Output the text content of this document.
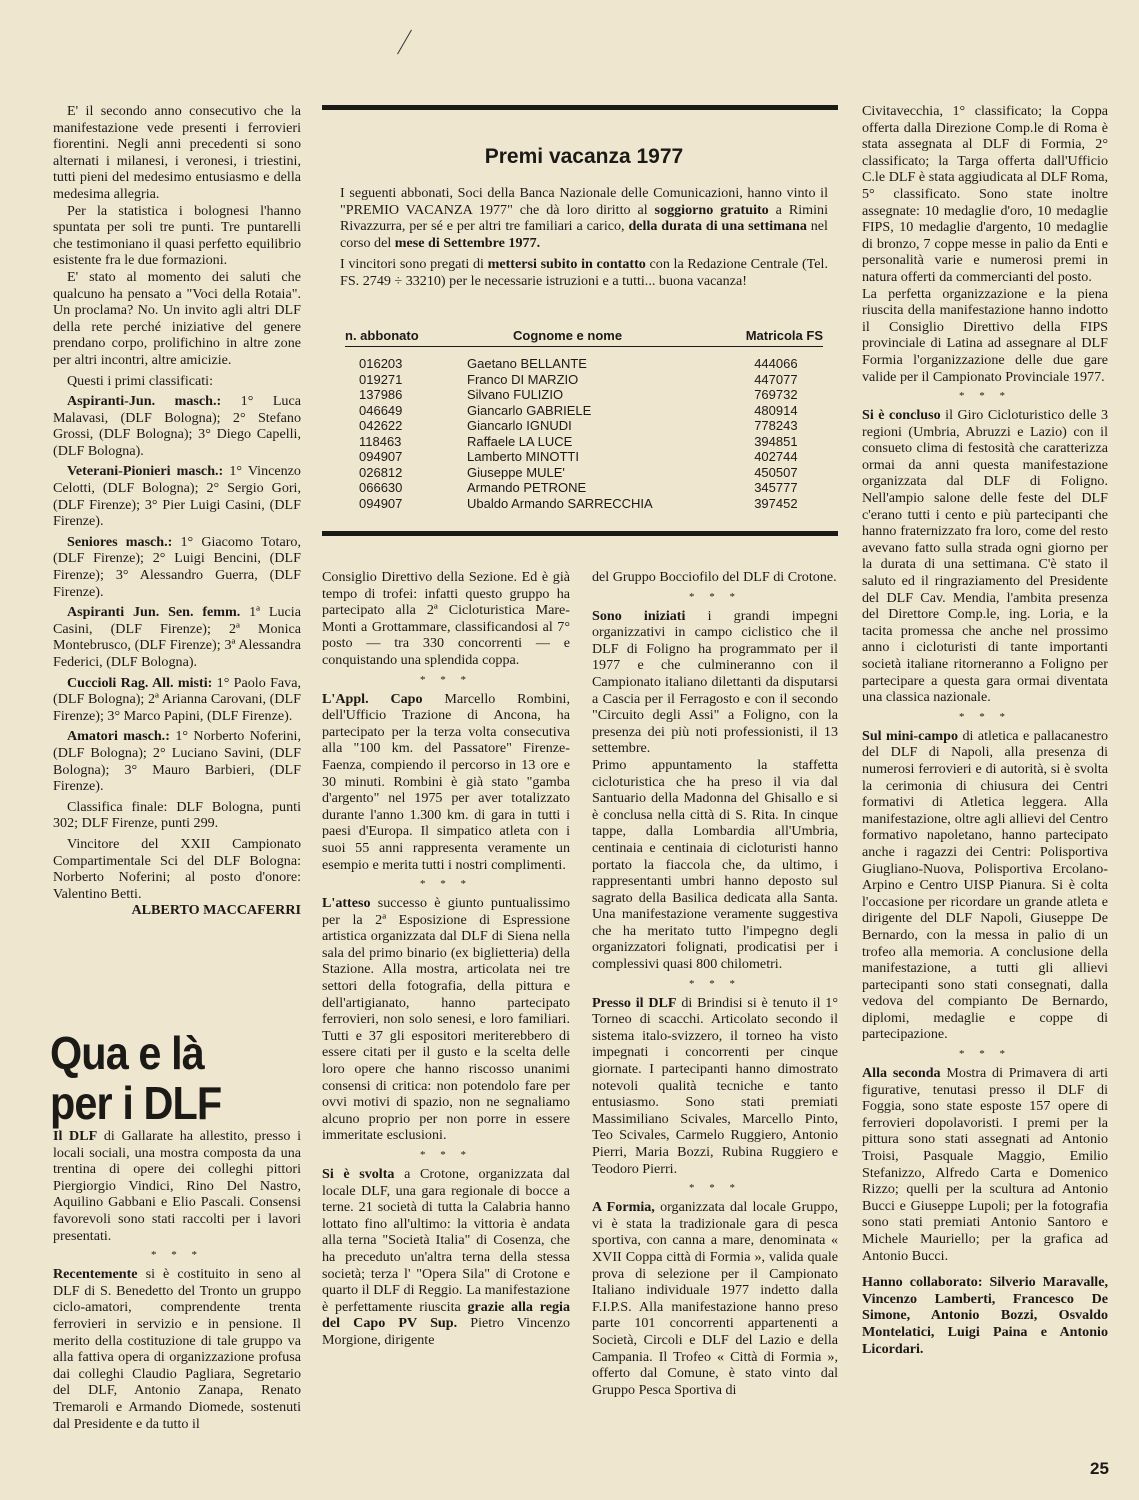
E' il secondo anno consecutivo che la manifestazione vede presenti i ferrovieri fiorentini. Negli anni precedenti si sono alternati i milanesi, i veronesi, i triestini, tutti pieni del medesimo entusiasmo e della medesima allegria.

Per la statistica i bolognesi l'hanno spuntata per soli tre punti. Tre puntarelli che testimoniano il quasi perfetto equilibrio esistente fra le due formazioni.

E' stato al momento dei saluti che qualcuno ha pensato a "Voci della Rotaia". Un proclama? No. Un invito agli altri DLF della rete perché iniziative del genere prendano corpo, prolifichino in altre zone per altri incontri, altre amicizie.

Questi i primi classificati:

Aspiranti-Jun. masch.: 1° Luca Malavasi, (DLF Bologna); 2° Stefano Grossi, (DLF Bologna); 3° Diego Capelli, (DLF Bologna).

Veterani-Pionieri masch.: 1° Vincenzo Celotti, (DLF Bologna); 2° Sergio Gori, (DLF Firenze); 3° Pier Luigi Casini, (DLF Firenze).

Seniores masch.: 1° Giacomo Totaro, (DLF Firenze); 2° Luigi Bencini, (DLF Firenze); 3° Alessandro Guerra, (DLF Firenze).

Aspiranti Jun. Sen. femm. 1ª Lucia Casini, (DLF Firenze); 2ª Monica Montebrusco, (DLF Firenze); 3ª Alessandra Federici, (DLF Bologna).

Cuccioli Rag. All. misti: 1° Paolo Fava, (DLF Bologna); 2ª Arianna Carovani, (DLF Firenze); 3° Marco Papini, (DLF Firenze).

Amatori masch.: 1° Norberto Noferini, (DLF Bologna); 2° Luciano Savini, (DLF Bologna); 3° Mauro Barbieri, (DLF Firenze).

Classifica finale: DLF Bologna, punti 302; DLF Firenze, punti 299.

Vincitore del XXII Campionato Compartimentale Sci del DLF Bologna: Norberto Noferini; al posto d'onore: Valentino Betti.

ALBERTO MACCAFERRI

Qua e là
per i DLF

Il DLF di Gallarate ha allestito, presso i locali sociali, una mostra composta da una trentina di opere dei colleghi pittori Piergiorgio Vindici, Rino Del Nastro, Aquilino Gabbani e Elio Pascali. Consensi favorevoli sono stati raccolti per i lavori presentati.

* * *

Recentemente si è costituito in seno al DLF di S. Benedetto del Tronto un gruppo ciclo-amatori, comprendente trenta ferrovieri in servizio e in pensione. Il merito della costituzione di tale gruppo va alla fattiva opera di organizzazione profusa dai colleghi Claudio Pagliara, Segretario del DLF, Antonio Zanapa, Renato Tremaroli e Armando Diomede, sostenuti dal Presidente e da tutto il

Premi vacanza 1977

I seguenti abbonati, Soci della Banca Nazionale delle Comunicazioni, hanno vinto il "PREMIO VACANZA 1977" che dà loro diritto al soggiorno gratuito a Rimini Rivazzurra, per sé e per altri tre familiari a carico, della durata di una settimana nel corso del mese di Settembre 1977.

I vincitori sono pregati di mettersi subito in contatto con la Redazione Centrale (Tel. FS. 2749 ÷ 33210) per le necessarie istruzioni e a tutti... buona vacanza!

n. abbonato	Cognome e nome	Matricola FS
016203	Gaetano BELLANTE	444066
019271	Franco DI MARZIO	447077
137986	Silvano FULIZIO	769732
046649	Giancarlo GABRIELE	480914
042622	Giancarlo IGNUDI	778243
118463	Raffaele LA LUCE	394851
094907	Lamberto MINOTTI	402744
026812	Giuseppe MULE'	450507
066630	Armando PETRONE	345777
094907	Ubaldo Armando SARRECCHIA	397452

Consiglio Direttivo della Sezione. Ed è già tempo di trofei: infatti questo gruppo ha partecipato alla 2ª Cicloturistica Mare-Monti a Grottammare, classificandosi al 7° posto — tra 330 concorrenti — e conquistando una splendida coppa.

* * *

L'Appl. Capo Marcello Rombini, dell'Ufficio Trazione di Ancona, ha partecipato per la terza volta consecutiva alla "100 km. del Passatore" Firenze-Faenza, compiendo il percorso in 13 ore e 30 minuti. Rombini è già stato "gamba d'argento" nel 1975 per aver totalizzato durante l'anno 1.300 km. di gara in tutti i paesi d'Europa. Il simpatico atleta con i suoi 55 anni rappresenta veramente un esempio e merita tutti i nostri complimenti.

* * *

L'atteso successo è giunto puntualissimo per la 2ª Esposizione di Espressione artistica organizzata dal DLF di Siena nella sala del primo binario (ex biglietteria) della Stazione. Alla mostra, articolata nei tre settori della fotografia, della pittura e dell'artigianato, hanno partecipato ferrovieri, non solo senesi, e loro familiari. Tutti e 37 gli espositori meriterebbero di essere citati per il gusto e la scelta delle loro opere che hanno riscosso unanimi consensi di critica: non potendolo fare per ovvi motivi di spazio, non ne segnaliamo alcuno proprio per non porre in essere immeritate esclusioni.

* * *

Si è svolta a Crotone, organizzata dal locale DLF, una gara regionale di bocce a terne. 21 società di tutta la Calabria hanno lottato fino all'ultimo: la vittoria è andata alla terna "Società Italia" di Cosenza, che ha preceduto un'altra terna della stessa società; terza l' "Opera Sila" di Crotone e quarto il DLF di Reggio. La manifestazione è perfettamente riuscita grazie alla regia del Capo PV Sup. Pietro Vincenzo Morgione, dirigente

del Gruppo Bocciofilo del DLF di Crotone.

* * *

Sono iniziati i grandi impegni organizzativi in campo ciclistico che il DLF di Foligno ha programmato per il 1977 e che culmineranno con il Campionato italiano dilettanti da disputarsi a Cascia per il Ferragosto e con il secondo "Circuito degli Assi" a Foligno, con la presenza dei più noti professionisti, il 13 settembre.

Primo appuntamento la staffetta cicloturistica che ha preso il via dal Santuario della Madonna del Ghisallo e si è conclusa nella città di S. Rita. In cinque tappe, dalla Lombardia all'Umbria, centinaia e centinaia di cicloturisti hanno portato la fiaccola che, da ultimo, i rappresentanti umbri hanno deposto sul sagrato della Basilica dedicata alla Santa. Una manifestazione veramente suggestiva che ha meritato tutto l'impegno degli organizzatori folignati, prodicatisi per i complessivi quasi 800 chilometri.

* * *

Presso il DLF di Brindisi si è tenuto il 1° Torneo di scacchi. Articolato secondo il sistema italo-svizzero, il torneo ha visto impegnati i concorrenti per cinque giornate. I partecipanti hanno dimostrato notevoli qualità tecniche e tanto entusiasmo. Sono stati premiati Massimiliano Scivales, Marcello Pinto, Teo Scivales, Carmelo Ruggiero, Antonio Pierri, Maria Bozzi, Rubina Ruggiero e Teodoro Pierri.

* * *

A Formia, organizzata dal locale Gruppo, vi è stata la tradizionale gara di pesca sportiva, con canna a mare, denominata « XVII Coppa città di Formia », valida quale prova di selezione per il Campionato Italiano individuale 1977 indetto dalla F.I.P.S. Alla manifestazione hanno preso parte 101 concorrenti appartenenti a Società, Circoli e DLF del Lazio e della Campania. Il Trofeo « Città di Formia », offerto dal Comune, è stato vinto dal Gruppo Pesca Sportiva di

Civitavecchia, 1° classificato; la Coppa offerta dalla Direzione Comp.le di Roma è stata assegnata al DLF di Formia, 2° classificato; la Targa offerta dall'Ufficio C.le DLF è stata aggiudicata al DLF Roma, 5° classificato. Sono state inoltre assegnate: 10 medaglie d'oro, 10 medaglie FIPS, 10 medaglie d'argento, 10 medaglie di bronzo, 7 coppe messe in palio da Enti e personalità varie e numerosi premi in natura offerti da commercianti del posto.

La perfetta organizzazione e la piena riuscita della manifestazione hanno indotto il Consiglio Direttivo della FIPS provinciale di Latina ad assegnare al DLF Formia l'organizzazione delle due gare valide per il Campionato Provinciale 1977.

* * *

Si è concluso il Giro Cicloturistico delle 3 regioni (Umbria, Abruzzi e Lazio) con il consueto clima di festosità che caratterizza ormai da anni questa manifestazione organizzata dal DLF di Foligno. Nell'ampio salone delle feste del DLF c'erano tutti i cento e più partecipanti che hanno fraternizzato fra loro, come del resto avevano fatto sulla strada ogni giorno per la durata di una settimana. C'è stato il saluto ed il ringraziamento del Presidente del DLF Cav. Mendia, l'ambita presenza del Direttore Comp.le, ing. Loria, e la tacita promessa che anche nel prossimo anno i cicloturisti di tante importanti società italiane ritorneranno a Foligno per partecipare a questa gara ormai diventata una classica nazionale.

* * *

Sul mini-campo di atletica e pallacanestro del DLF di Napoli, alla presenza di numerosi ferrovieri e di autorità, si è svolta la cerimonia di chiusura dei Centri formativi di Atletica leggera. Alla manifestazione, oltre agli allievi del Centro formativo napoletano, hanno partecipato anche i ragazzi dei Centri: Polisportiva Giugliano-Nuova, Polisportiva Ercolano-Arpino e Centro UISP Pianura. Si è colta l'occasione per ricordare un grande atleta e dirigente del DLF Napoli, Giuseppe De Bernardo, con la messa in palio di un trofeo alla memoria. A conclusione della manifestazione, a tutti gli allievi partecipanti sono stati consegnati, dalla vedova del compianto De Bernardo, diplomi, medaglie e coppe di partecipazione.

* * *

Alla seconda Mostra di Primavera di arti figurative, tenutasi presso il DLF di Foggia, sono state esposte 157 opere di ferrovieri dopolavoristi. I premi per la pittura sono stati assegnati ad Antonio Troisi, Pasquale Maggio, Emilio Stefanizzo, Alfredo Carta e Domenico Rizzo; quelli per la scultura ad Antonio Bucci e Giuseppe Lupoli; per la fotografia sono stati premiati Antonio Santoro e Michele Mauriello; per la grafica ad Antonio Bucci.

Hanno collaborato: Silverio Maravalle, Vincenzo Lamberti, Francesco De Simone, Antonio Bozzi, Osvaldo Montelatici, Luigi Paina e Antonio Licordari.

25
